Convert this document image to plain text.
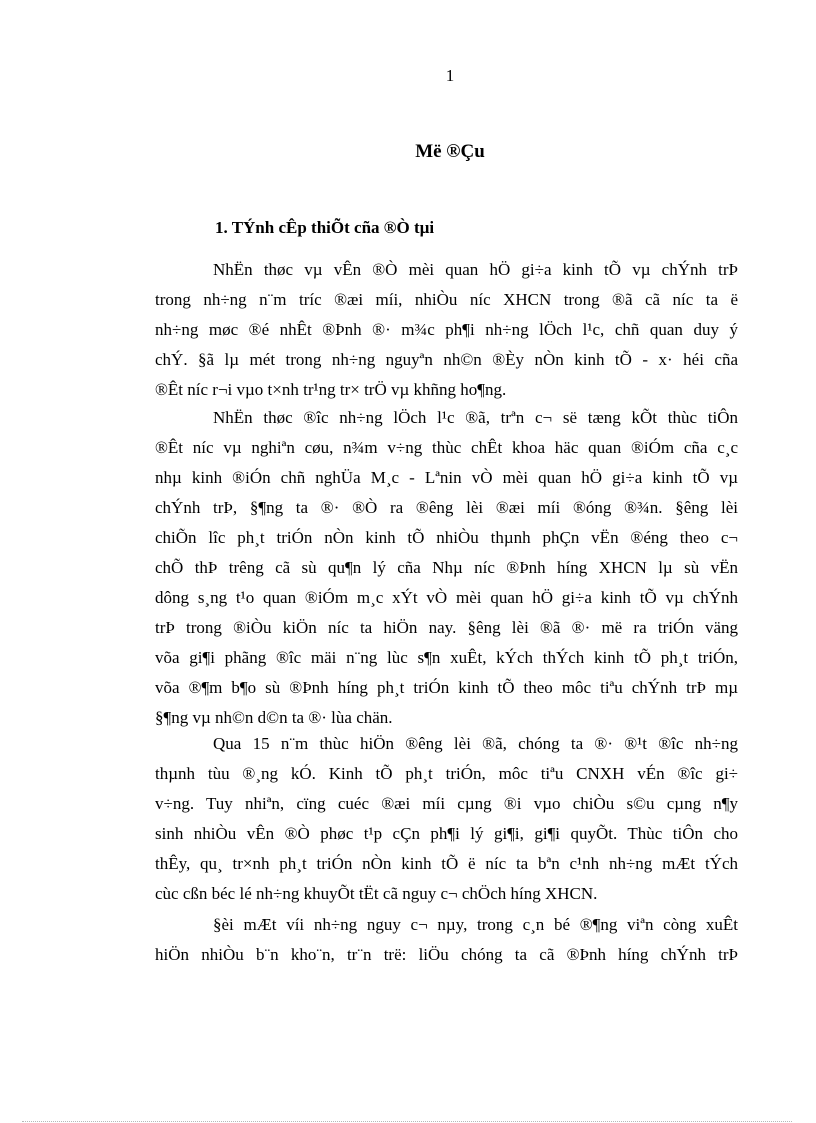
1
Më ®Çu
1. TÝnh cÊp thiÕt cña ®Ò tµi
NhËn thøc vµ vÊn ®Ò mèi quan hÖ gi÷a kinh tÕ vµ chÝnh trÞ
trong nh÷ng n¨m tríc ®æi míi, nhiÒu níc XHCN trong ®ã cã níc ta ë
nh÷ng møc ®é nhÊt ®Þnh ®· m¾c ph¶i nh÷ng lÖch l¹c, chñ quan duy ý
chÝ. §ã lµ mét trong nh÷ng nguyªn nh©n ®Èy nÒn kinh tÕ - x· héi cña
®Êt níc r¬i vµo t×nh tr¹ng tr× trÖ vµ khñng ho¶ng.
NhËn thøc ®îc nh÷ng lÖch l¹c ®ã, trªn c¬ së tæng kÕt thùc tiÔn
®Êt níc vµ nghiªn cøu, n¾m v÷ng thùc chÊt khoa häc quan ®iÓm cña c¸c
nhµ kinh ®iÓn chñ nghÜa M¸c - Lªnin vÒ mèi quan hÖ gi÷a kinh tÕ vµ
chÝnh trÞ, §¶ng ta ®· ®Ò ra ®êng lèi ®æi míi ®óng ®¾n. §êng lèi
chiÕn lîc ph¸t triÓn nÒn kinh tÕ nhiÒu thµnh phÇn vËn ®éng theo c¬
chÕ thÞ trêng cã sù qu¶n lý cña Nhµ níc ®Þnh híng XHCN lµ sù vËn
dông s¸ng t¹o quan ®iÓm m¸c xÝt vÒ mèi quan hÖ gi÷a kinh tÕ vµ chÝnh
trÞ trong ®iÒu kiÖn níc ta hiÖn nay. §êng lèi ®ã ®· më ra triÓn väng
võa gi¶i phãng ®îc mäi n¨ng lùc s¶n xuÊt, kÝch thÝch kinh tÕ ph¸t triÓn,
võa ®¶m b¶o sù ®Þnh híng ph¸t triÓn kinh tÕ theo môc tiªu chÝnh trÞ mµ
§¶ng vµ nh©n d©n ta ®· lùa chän.
Qua 15 n¨m thùc hiÖn ®êng lèi ®ã, chóng ta ®· ®¹t ®îc nh÷ng
thµnh tùu ®¸ng kÓ. Kinh tÕ ph¸t triÓn, môc tiªu CNXH vÉn ®îc gi÷
v÷ng. Tuy nhiªn, cïng cuéc ®æi míi cµng ®i vµo chiÒu s©u cµng n¶y
sinh nhiÒu vÊn ®Ò phøc t¹p cÇn ph¶i lý gi¶i, gi¶i quyÕt. Thùc tiÔn cho
thÊy, qu¸ tr×nh ph¸t triÓn nÒn kinh tÕ ë níc ta bªn c¹nh nh÷ng mÆt tÝch
cùc cßn béc lé nh÷ng khuyÕt tËt cã nguy c¬ chÖch híng XHCN.
§èi mÆt víi nh÷ng nguy c¬ nµy, trong c¸n bé ®¶ng viªn còng xuÊt
hiÖn nhiÒu b¨n kho¨n, tr¨n trë: liÖu chóng ta cã ®Þnh híng chÝnh trÞ
